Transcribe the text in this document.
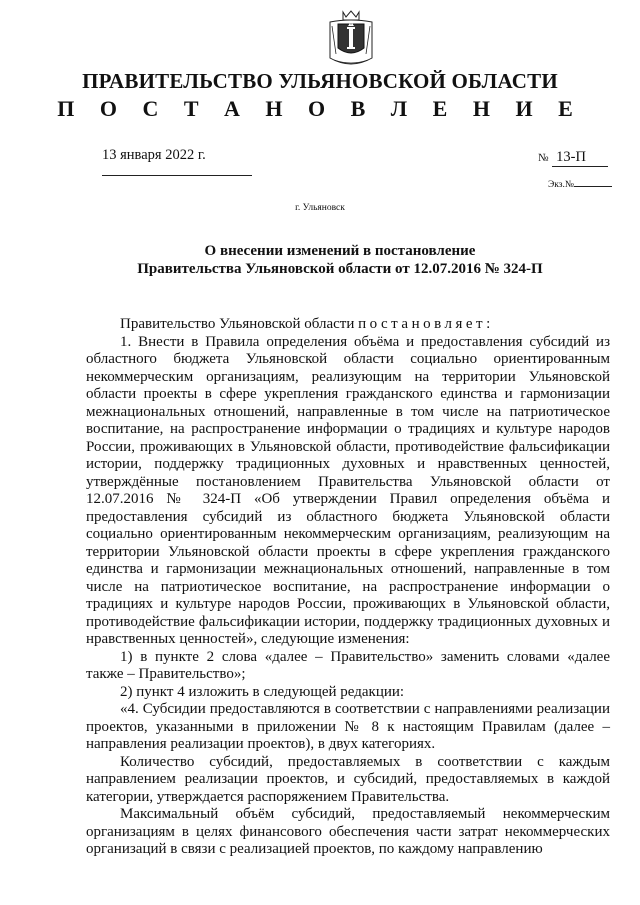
ПРАВИТЕЛЬСТВО УЛЬЯНОВСКОЙ ОБЛАСТИ
П О С Т А Н О В Л Е Н И Е
13 января 2022 г.	№ 13-П
Экз.№
г. Ульяновск
О внесении изменений в постановление
Правительства Ульяновской области от 12.07.2016 № 324-П

Правительство Ульяновской области постановляет:

1. Внести в Правила определения объёма и предоставления субсидий из областного бюджета Ульяновской области социально ориентированным некоммерческим организациям, реализующим на территории Ульяновской области проекты в сфере укрепления гражданского единства и гармонизации межнациональных отношений, направленные в том числе на патриотическое воспитание, на распространение информации о традициях и культуре народов России, проживающих в Ульяновской области, противодействие фальсификации истории, поддержку традиционных духовных и нравственных ценностей, утверждённые постановлением Правительства Ульяновской области от 12.07.2016 № 324-П «Об утверждении Правил определения объёма и предоставления субсидий из областного бюджета Ульяновской области социально ориентированным некоммерческим организациям, реализующим на территории Ульяновской области проекты в сфере укрепления гражданского единства и гармонизации межнациональных отношений, направленные в том числе на патриотическое воспитание, на распространение информации о традициях и культуре народов России, проживающих в Ульяновской области, противодействие фальсификации истории, поддержку традиционных духовных и нравственных ценностей», следующие изменения:

1) в пункте 2 слова «далее – Правительство» заменить словами «далее также – Правительство»;

2) пункт 4 изложить в следующей редакции:

«4. Субсидии предоставляются в соответствии с направлениями реализации проектов, указанными в приложении № 8 к настоящим Правилам (далее – направления реализации проектов), в двух категориях.

Количество субсидий, предоставляемых в соответствии с каждым направлением реализации проектов, и субсидий, предоставляемых в каждой категории, утверждается распоряжением Правительства.

Максимальный объём субсидий, предоставляемый некоммерческим организациям в целях финансового обеспечения части затрат некоммерческих организаций в связи с реализацией проектов, по каждому направлению
